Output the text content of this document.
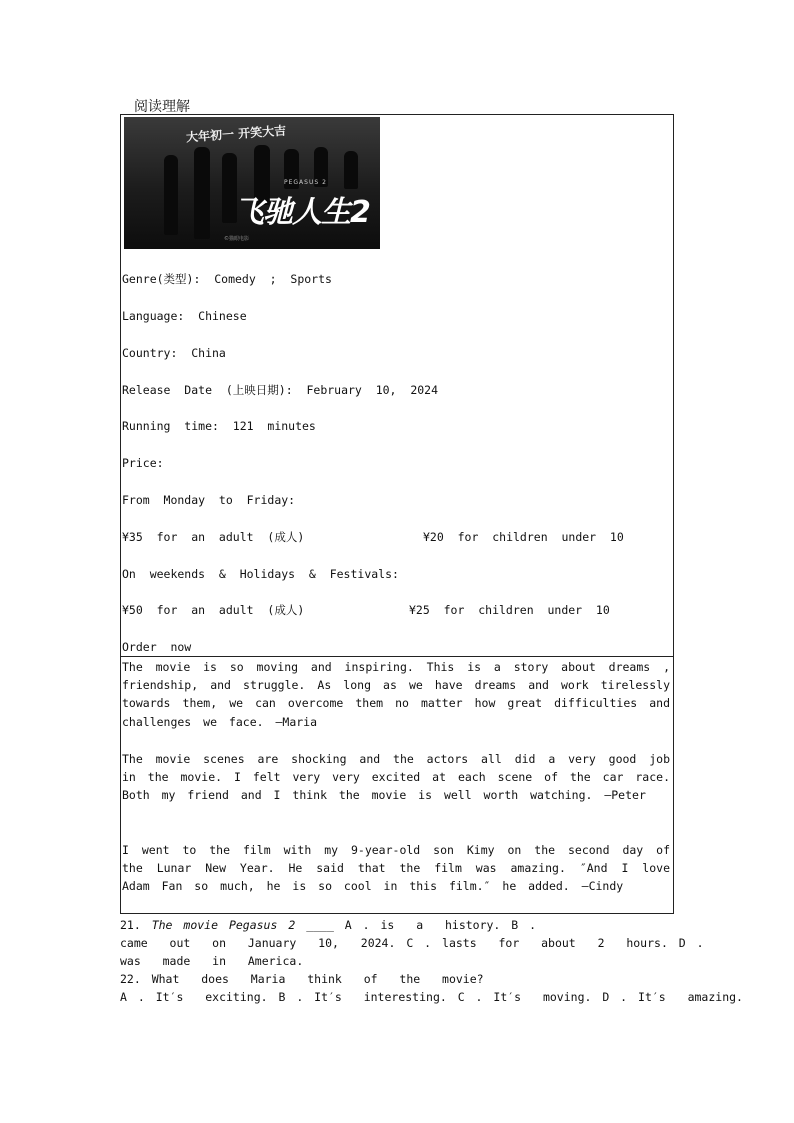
阅读理解
大年初一 开笑大吉
PEGASUS 2
飞驰人生2
©猫眼电影
Genre(类型):  Comedy  ;  Sports
Language:  Chinese
Country:  China
Release  Date  (上映日期):  February  10,  2024
Running  time:  121  minutes
Price:
From  Monday  to  Friday:
¥35  for  an  adult  (成人)	¥20  for  children  under  10
On  weekends  &  Holidays  &  Festivals:
¥50  for  an  adult  (成人)	¥25  for  children  under  10
Order  now
The movie is so moving and inspiring. This is a story about dreams , friendship, and struggle. As long as we have dreams and work tirelessly towards them, we can overcome them no matter how great difficulties and challenges we face. —Maria
The movie scenes are shocking and the actors all did a very good job in the movie. I felt very very excited at each scene of the car race. Both my friend and I think the movie is well worth watching. —Peter
I went to the film with my 9-year-old son Kimy on the second day of the Lunar New Year. He said that the film was amazing. ″And I love Adam Fan so much, he is so cool in this film.″ he added. —Cindy
21. The movie Pegasus 2 ____ A . is  a  history. B .
came  out  on  January  10,  2024. C . lasts  for  about  2  hours. D .
was  made  in  America.
22. What  does  Maria  think  of  the  movie?
A . It′s  exciting. B . It′s  interesting. C . It′s  moving. D . It′s  amazing.
